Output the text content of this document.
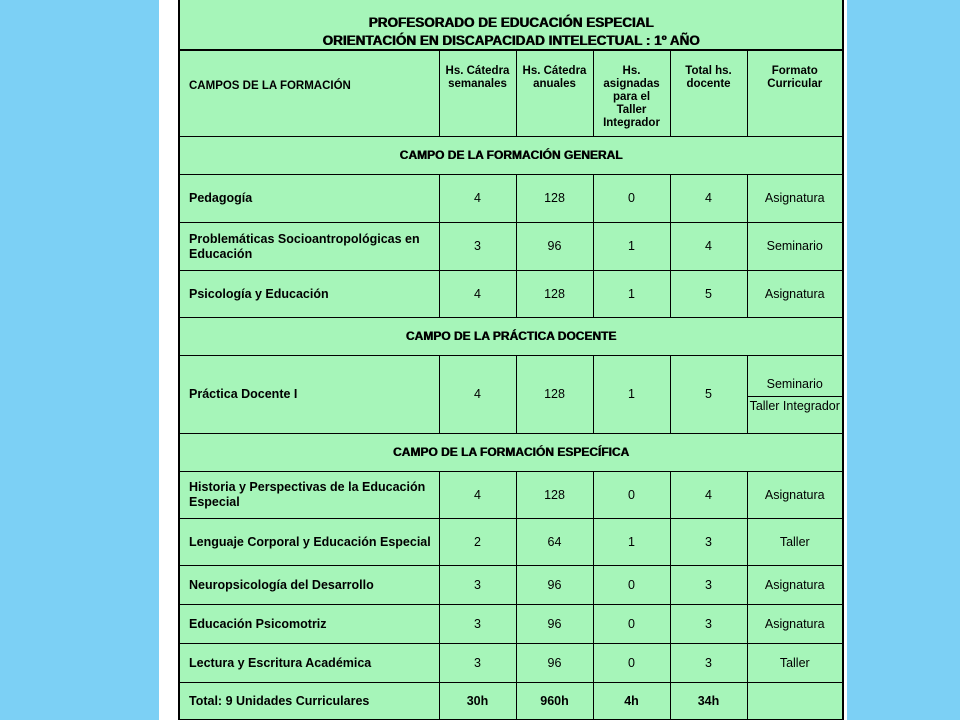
PROFESORADO DE EDUCACIÓN ESPECIAL
ORIENTACIÓN EN DISCAPACIDAD INTELECTUAL : 1º AÑO
CAMPOS DE LA FORMACIÓN	Hs. Cátedra semanales	Hs. Cátedra anuales	Hs. asignadas para el Taller Integrador	Total hs. docente	Formato Curricular
CAMPO DE LA FORMACIÓN GENERAL					
Pedagogía	4	128	0	4	Asignatura
Problemáticas Socioantropológicas en Educación	3	96	1	4	Seminario
Psicología y Educación	4	128	1	5	Asignatura
CAMPO DE LA PRÁCTICA DOCENTE					
Práctica Docente I	4	128	1	5	Seminario
Taller Integrador

CAMPO DE LA FORMACIÓN ESPECÍFICA					
Historia y Perspectivas de la Educación Especial	4	128	0	4	Asignatura
Lenguaje Corporal y Educación Especial	2	64	1	3	Taller
Neuropsicología del Desarrollo	3	96	0	3	Asignatura
Educación Psicomotriz	3	96	0	3	Asignatura
Lectura y Escritura Académica	3	96	0	3	Taller
Total: 9 Unidades Curriculares	30h	960h	4h	34h	
